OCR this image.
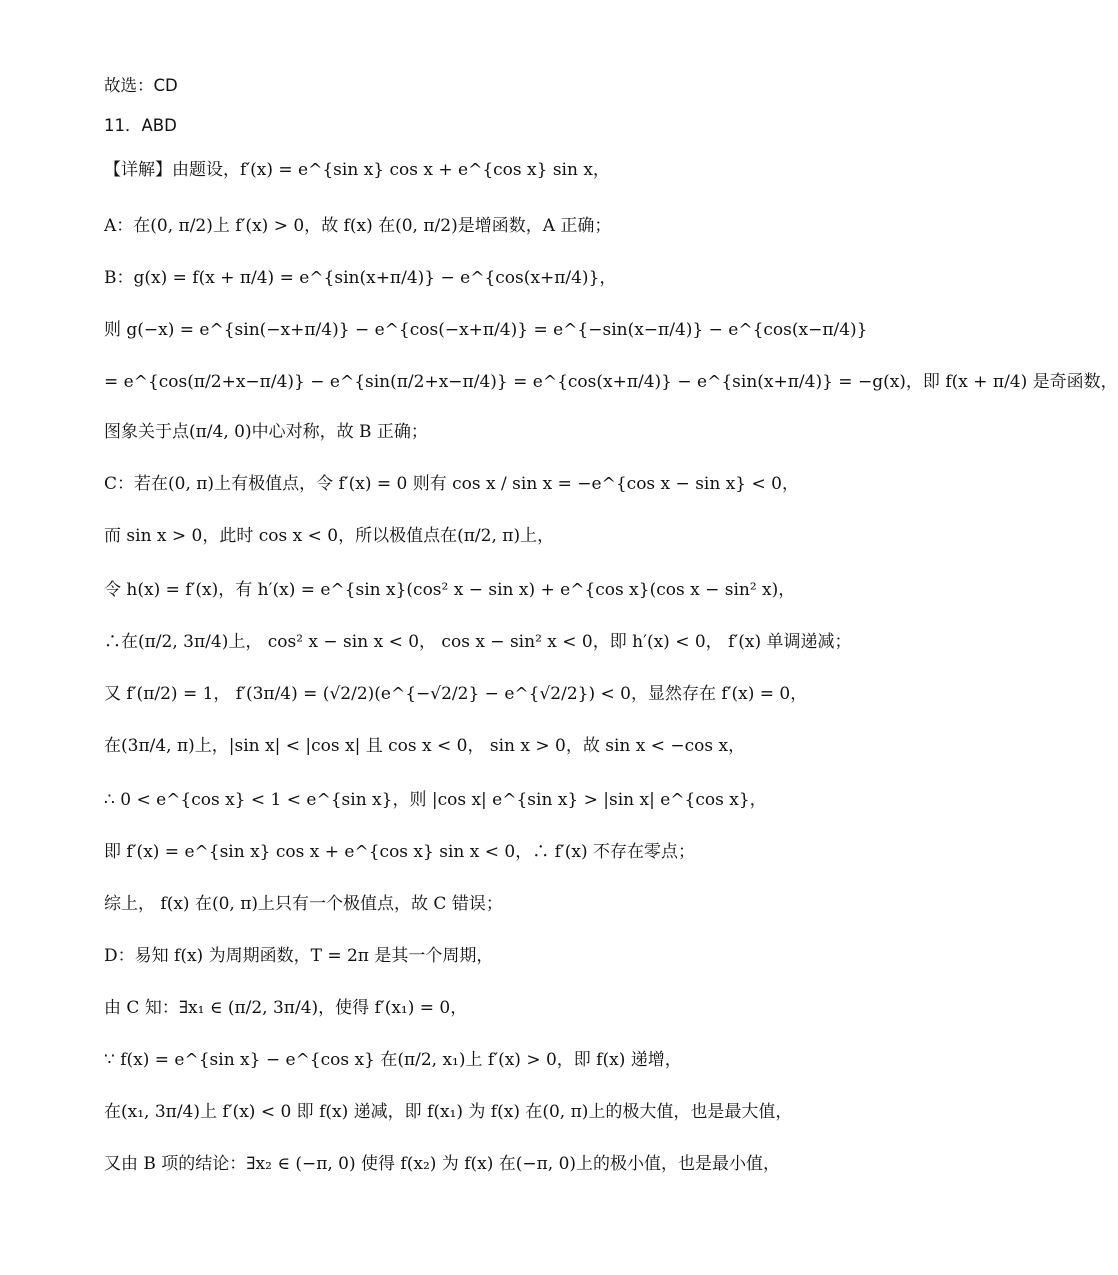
故选：CD
11．ABD
【详解】由题设，f′(x) = e^{sin x} cos x + e^{cos x} sin x，
A：在(0, π/2)上 f′(x) > 0，故 f(x) 在(0, π/2)是增函数，A 正确；
B：g(x) = f(x + π/4) = e^{sin(x+π/4)} − e^{cos(x+π/4)}，
则 g(−x) = e^{sin(−x+π/4)} − e^{cos(−x+π/4)} = e^{−sin(x−π/4)} − e^{cos(x−π/4)}
= e^{cos(π/2+x−π/4)} − e^{sin(π/2+x−π/4)} = e^{cos(x+π/4)} − e^{sin(x+π/4)} = −g(x)，即 f(x + π/4) 是奇函数，
图象关于点(π/4, 0)中心对称，故 B 正确；
C：若在(0, π)上有极值点，令 f′(x) = 0 则有 cos x / sin x = −e^{cos x − sin x} < 0，
而 sin x > 0，此时 cos x < 0，所以极值点在(π/2, π)上，
令 h(x) = f′(x)，有 h′(x) = e^{sin x}(cos² x − sin x) + e^{cos x}(cos x − sin² x)，
∴在(π/2, 3π/4)上， cos² x − sin x < 0， cos x − sin² x < 0，即 h′(x) < 0， f′(x) 单调递减；
又 f′(π/2) = 1， f′(3π/4) = (√2/2)(e^{−√2/2} − e^{√2/2}) < 0，显然存在 f′(x) = 0，
在(3π/4, π)上，|sin x| < |cos x| 且 cos x < 0， sin x > 0，故 sin x < −cos x，
∴ 0 < e^{cos x} < 1 < e^{sin x}，则 |cos x| e^{sin x} > |sin x| e^{cos x}，
即 f′(x) = e^{sin x} cos x + e^{cos x} sin x < 0，∴ f′(x) 不存在零点；
综上， f(x) 在(0, π)上只有一个极值点，故 C 错误；
D：易知 f(x) 为周期函数，T = 2π 是其一个周期，
由 C 知：∃x₁ ∈ (π/2, 3π/4)，使得 f′(x₁) = 0，
∵ f(x) = e^{sin x} − e^{cos x} 在(π/2, x₁)上 f′(x) > 0，即 f(x) 递增，
在(x₁, 3π/4)上 f′(x) < 0 即 f(x) 递减，即 f(x₁) 为 f(x) 在(0, π)上的极大值，也是最大值，
又由 B 项的结论：∃x₂ ∈ (−π, 0) 使得 f(x₂) 为 f(x) 在(−π, 0)上的极小值，也是最小值，
